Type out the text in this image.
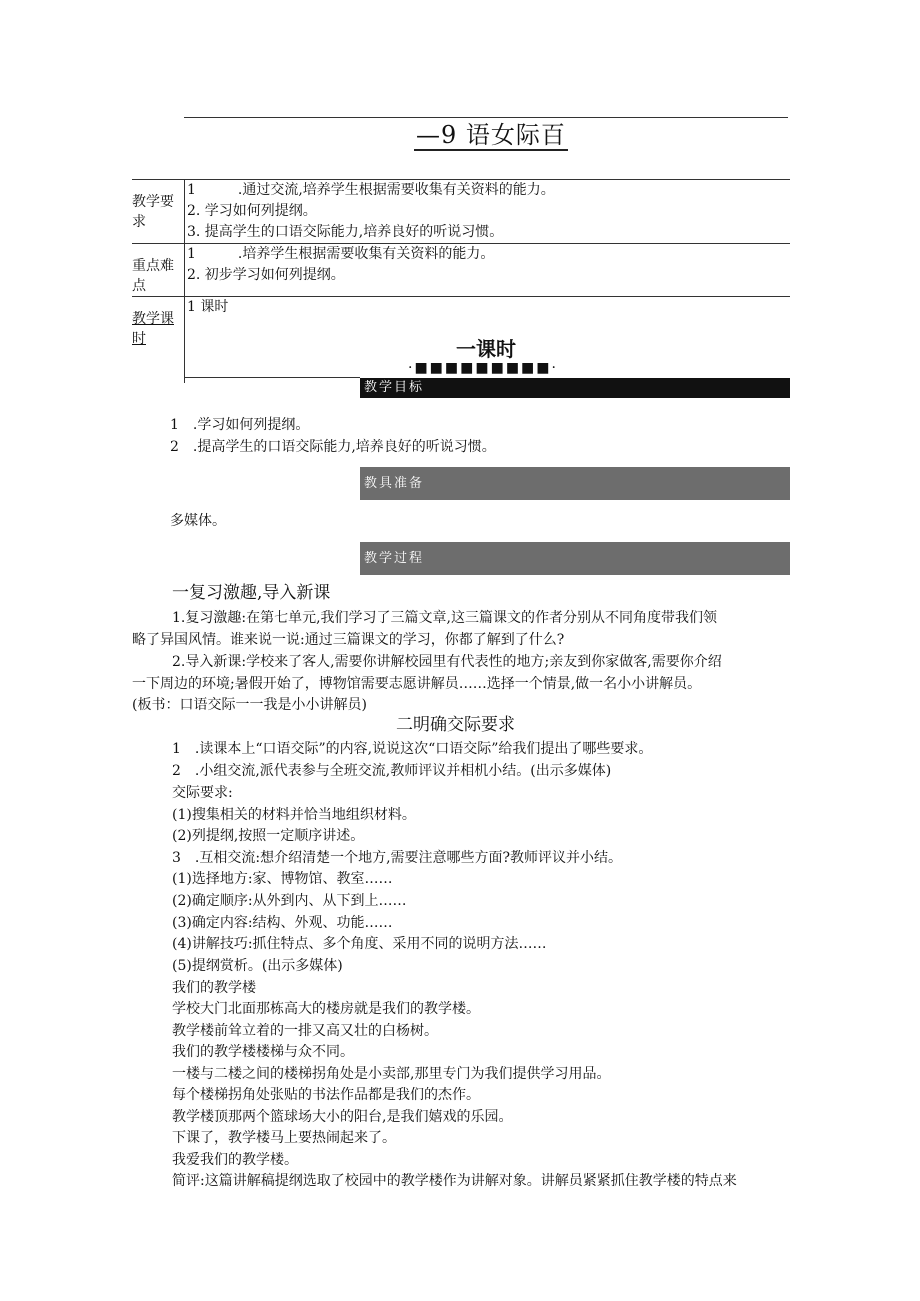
—9 语女际百
教学要求	1　　　.通过交流,培养学生根据需要收集有关资料的能力。
2. 学习如何列提纲。
3. 提高学生的口语交际能力,培养良好的听说习惯。

重点难点	1　　　.培养学生根据需要收集有关资料的能力。
2. 初步学习如何列提纲。

教学课时	1 课时
一课时
·■■■■■■■■■·
教学目标
1　.学习如何列提纲。
2　.提高学生的口语交际能力,培养良好的听说习惯。
教具准备
多媒体。
教学过程
一复习激趣,导入新课
1.复习激趣:在第七单元,我们学习了三篇文章,这三篇课文的作者分别从不同角度带我们领
略了异国风情。谁来说一说:通过三篇课文的学习，你都了解到了什么?
2.导入新课:学校来了客人,需要你讲解校园里有代表性的地方;亲友到你家做客,需要你介绍
一下周边的环境;暑假开始了，博物馆需要志愿讲解员……选择一个情景,做一名小小讲解员。
(板书：口语交际一一我是小小讲解员)
二明确交际要求
1　.读课本上“口语交际”的内容,说说这次“口语交际”给我们提出了哪些要求。
2　.小组交流,派代表参与全班交流,教师评议并相机小结。(出示多媒体)
交际要求:
(1)搜集相关的材料并恰当地组织材料。
(2)列提纲,按照一定顺序讲述。
3　.互相交流:想介绍清楚一个地方,需要注意哪些方面?教师评议并小结。
(1)选择地方:家、博物馆、教室……
(2)确定顺序:从外到内、从下到上……
(3)确定内容:结构、外观、功能……
(4)讲解技巧:抓住特点、多个角度、采用不同的说明方法……
(5)提纲赏析。(出示多媒体)
我们的教学楼
学校大门北面那栋高大的楼房就是我们的教学楼。
教学楼前耸立着的一排又高又壮的白杨树。
我们的教学楼楼梯与众不同。
一楼与二楼之间的楼梯拐角处是小卖部,那里专门为我们提供学习用品。
每个楼梯拐角处张贴的书法作品都是我们的杰作。
教学楼顶那两个篮球场大小的阳台,是我们嬉戏的乐园。
下课了，教学楼马上要热闹起来了。
我爱我们的教学楼。
简评:这篇讲解稿提纲选取了校园中的教学楼作为讲解对象。讲解员紧紧抓住教学楼的特点来
